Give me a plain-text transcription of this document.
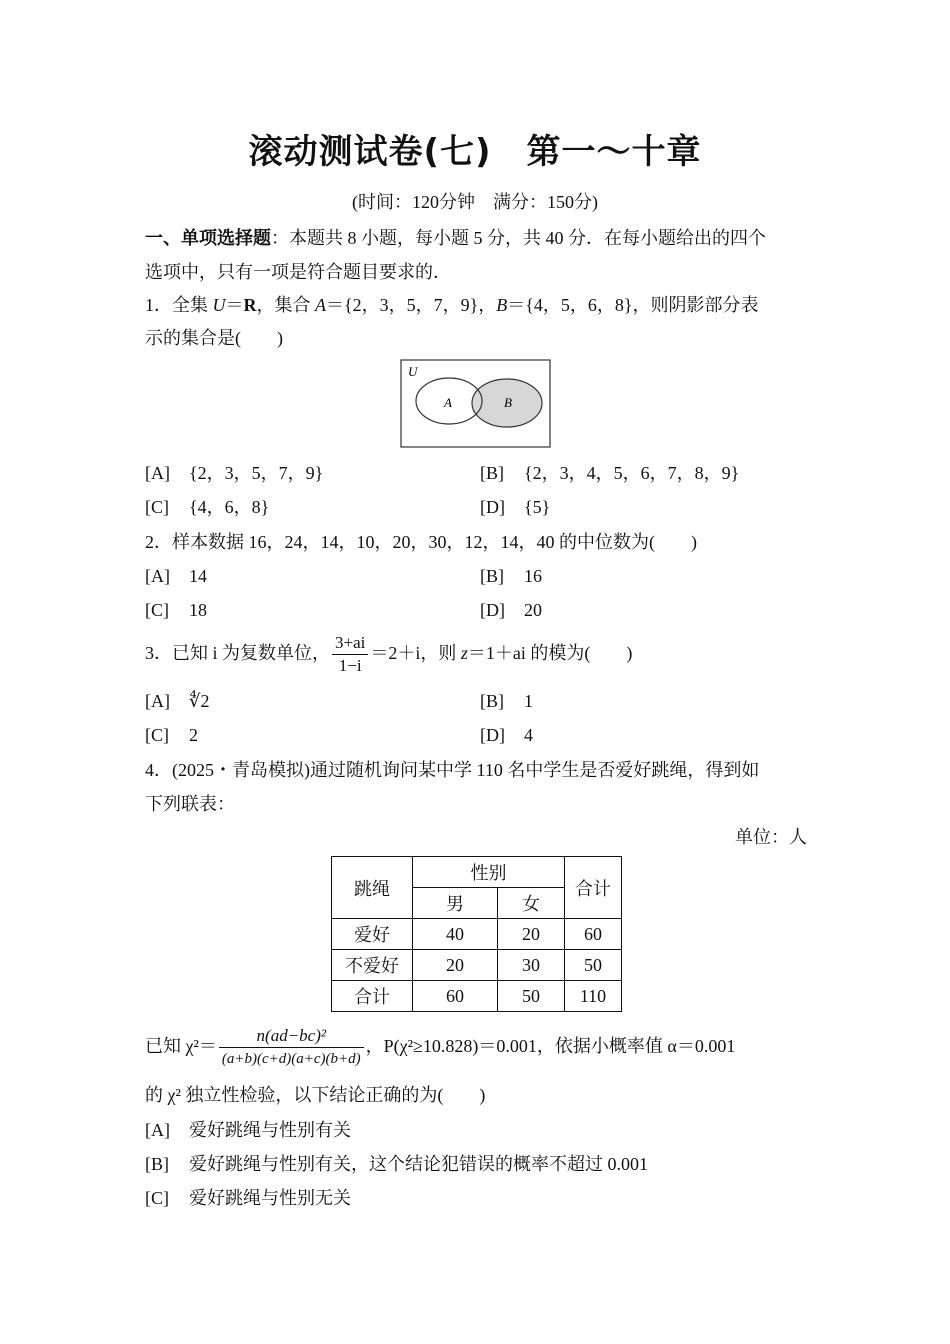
滚动测试卷(七)　第一～十章
(时间：120分钟　满分：150分)
一、单项选择题：本题共 8 小题，每小题 5 分，共 40 分．在每小题给出的四个
选项中，只有一项是符合题目要求的．
1．全集 U＝R，集合 A＝{2，3，5，7，9}，B＝{4，5，6，8}，则阴影部分表
示的集合是(　　)
U
A	B
[A] {2，3，5，7，9}	[B] {2，3，4，5，6，7，8，9}
[C] {4，6，8}	[D] {5}
2．样本数据 16，24，14，10，20，30，12，14，40 的中位数为(　　)
[A] 14	[B] 16
[C] 18	[D] 20
3．已知 i 为复数单位， $\frac{3+ai}{1-i} =2+i$，则 z＝1＋ai 的模为(　　)
[A] ∜2	[B] 1
[C] 2	[D] 4
4．(2025・青岛模拟)通过随机询问某中学 110 名中学生是否爱好跳绳，得到如
下列联表：
单位：人
跳绳	性别		合计
	男	女	
爱好	40	20	60
不爱好	20	30	50
合计	60	50	110
已知 $\chi^2= \frac{\text{n(ad−bc)²}}{(a+b)(c+d)(a+c)(b+d)}$ ，P(χ²≥10.828)＝0.001，依据小概率值 α＝0.001
的 χ² 独立性检验，以下结论正确的为(　　)
[A] 爱好跳绳与性别有关
[B] 爱好跳绳与性别有关，这个结论犯错误的概率不超过 0.001
[C] 爱好跳绳与性别无关
